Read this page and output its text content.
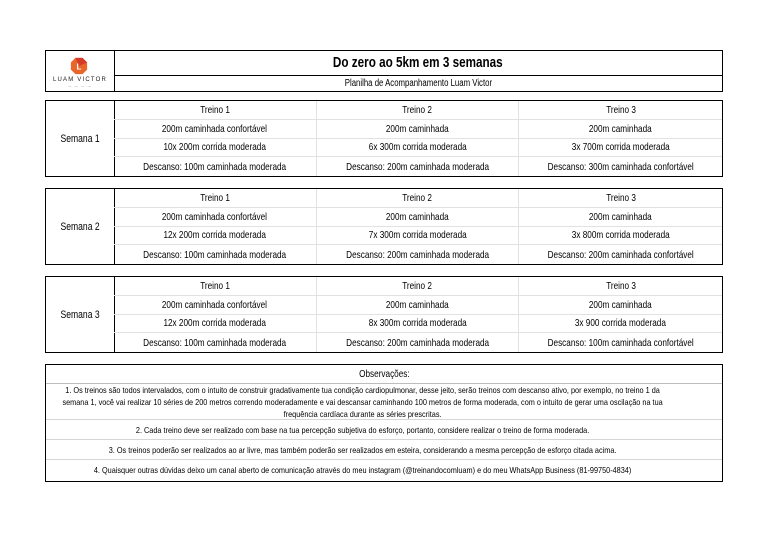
L
LUAM VICTOR
— — — —
Do zero ao 5km em 3 semanas
Planilha de Acompanhamento Luam Victor
Semana 1
Treino 1	Treino 2	Treino 3
200m caminhada confortável	200m caminhada	200m caminhada
10x 200m corrida moderada	6x 300m corrida moderada	3x 700m corrida moderada
Descanso: 100m caminhada moderada	Descanso: 200m caminhada moderada	Descanso: 300m caminhada confortável
Semana 2
Treino 1	Treino 2	Treino 3
200m caminhada confortável	200m caminhada	200m caminhada
12x 200m corrida moderada	7x 300m corrida moderada	3x 800m corrida moderada
Descanso: 100m caminhada moderada	Descanso: 200m caminhada moderada	Descanso: 200m caminhada confortável
Semana 3
Treino 1	Treino 2	Treino 3
200m caminhada confortável	200m caminhada	200m caminhada
12x 200m corrida moderada	8x 300m corrida moderada	3x 900 corrida moderada
Descanso: 100m caminhada moderada	Descanso: 200m caminhada moderada	Descanso: 100m caminhada confortável
Observações:
1. Os treinos são todos intervalados, com o intuito de construir gradativamente tua condição cardiopulmonar, desse jeito, serão treinos com descanso ativo, por exemplo, no treino 1 da semana 1, você vai realizar 10 séries de 200 metros correndo moderadamente e vai descansar caminhando 100 metros de forma moderada, com o intuito de gerar uma oscilação na tua frequência cardíaca durante as séries prescritas.
2. Cada treino deve ser realizado com base na tua percepção subjetiva do esforço, portanto, considere realizar o treino de forma moderada.
3. Os treinos poderão ser realizados ao ar livre, mas também poderão ser realizados em esteira, considerando a mesma percepção de esforço citada acima.
4. Quaisquer outras dúvidas deixo um canal aberto de comunicação através do meu instagram (@treinandocomluam) e do meu WhatsApp Business (81-99750-4834)
